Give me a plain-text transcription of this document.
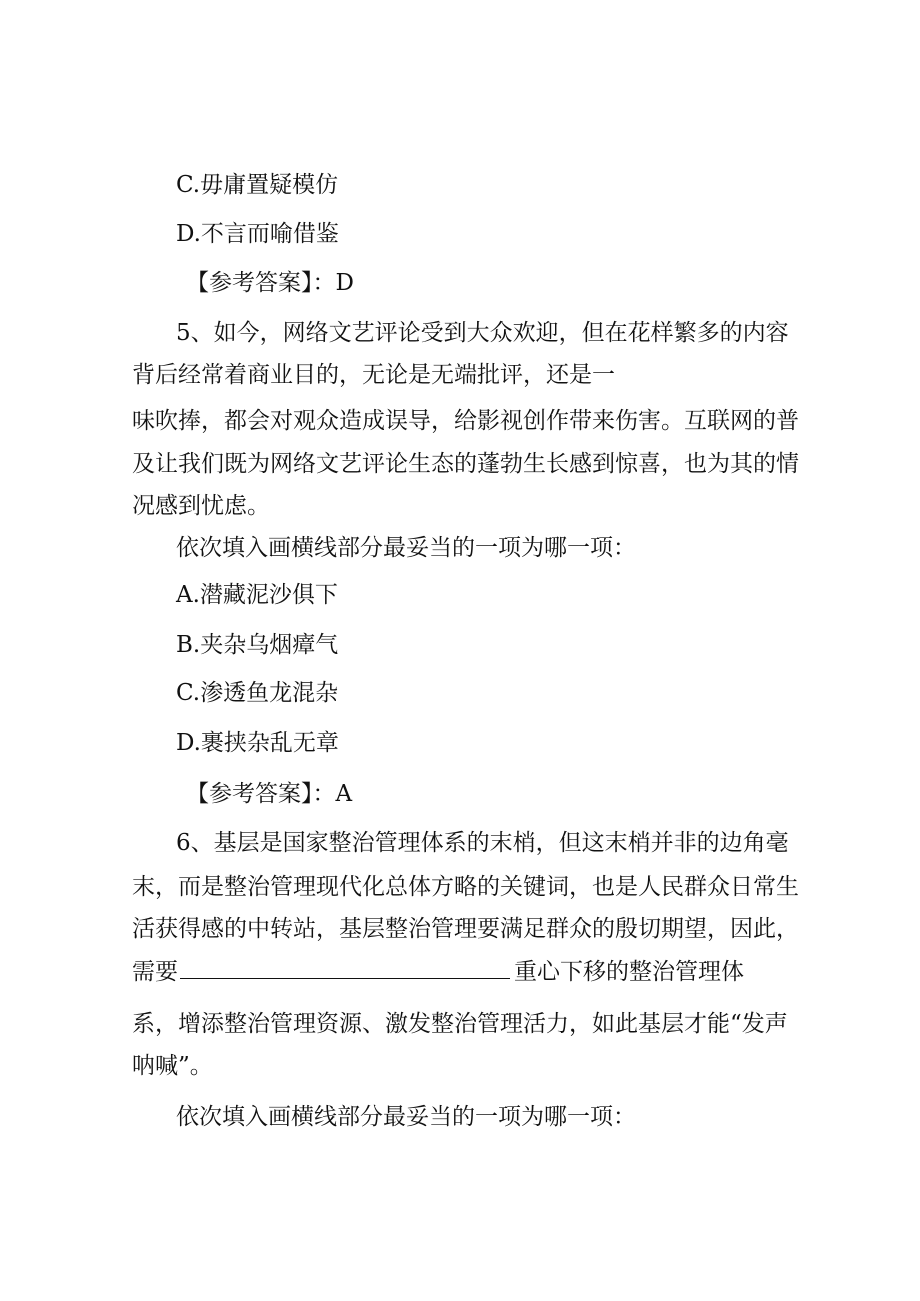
C.毋庸置疑模仿
D.不言而喻借鉴
【参考答案】：D
5、如今，网络文艺评论受到大众欢迎，但在花样繁多的内容
背后经常着商业目的，无论是无端批评，还是一
味吹捧，都会对观众造成误导，给影视创作带来伤害。互联网的普
及让我们既为网络文艺评论生态的蓬勃生长感到惊喜，也为其的情
况感到忧虑。
依次填入画横线部分最妥当的一项为哪一项：
A.潜藏泥沙俱下
B.夹杂乌烟瘴气
C.渗透鱼龙混杂
D.裹挟杂乱无章
【参考答案】：A
6、基层是国家整治管理体系的末梢，但这末梢并非的边角毫
末，而是整治管理现代化总体方略的关键词，也是人民群众日常生
活获得感的中转站，基层整治管理要满足群众的殷切期望，因此，
需要	重心下移的整治管理体
系，增添整治管理资源、激发整治管理活力，如此基层才能“发声
呐喊”。
依次填入画横线部分最妥当的一项为哪一项：
